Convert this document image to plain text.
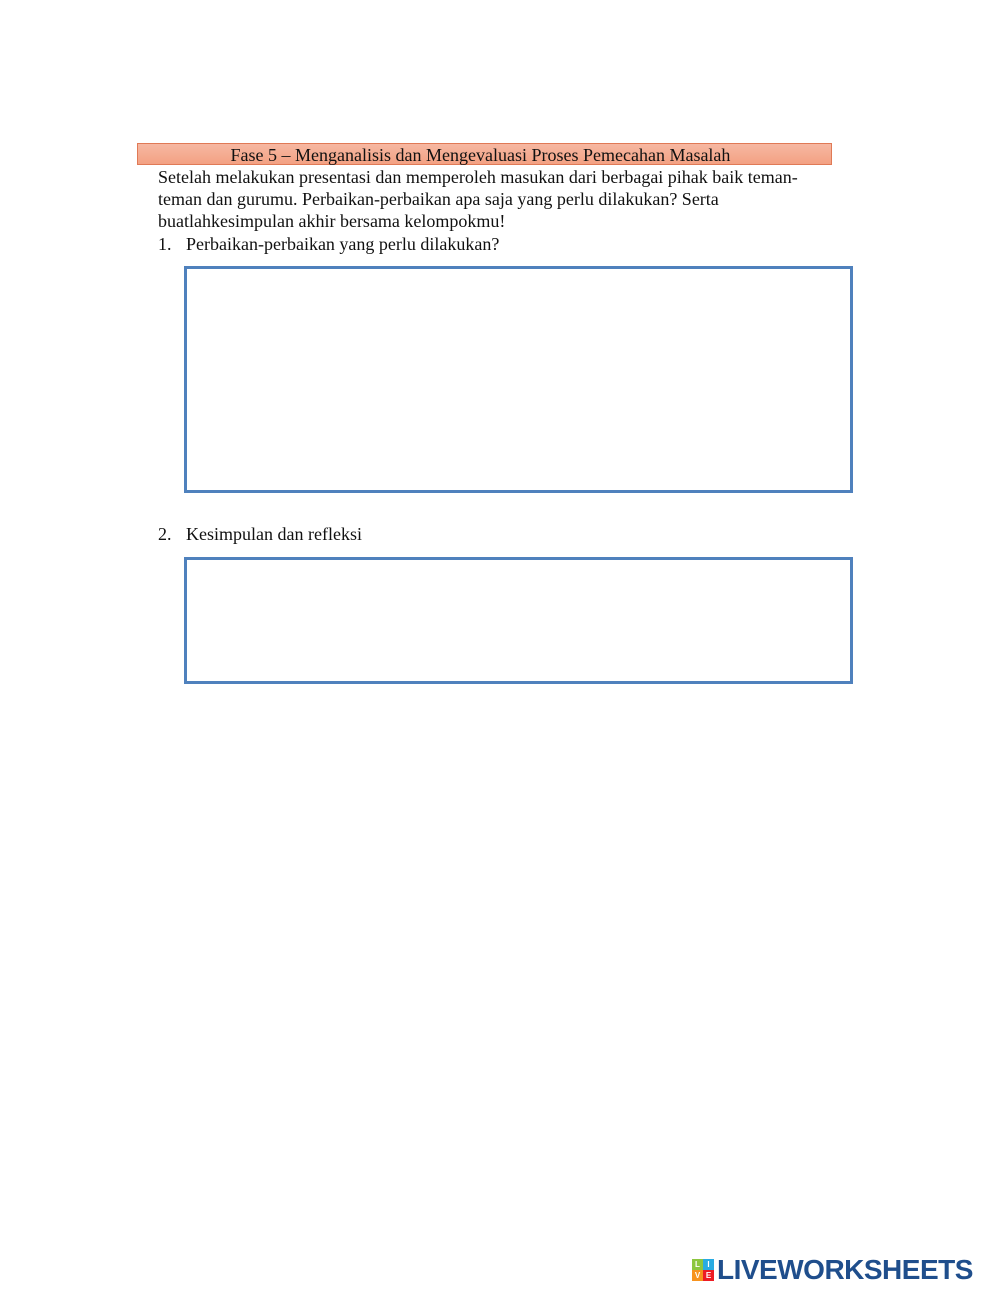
Fase 5 – Menganalisis dan Mengevaluasi Proses Pemecahan Masalah

Setelah melakukan presentasi dan memperoleh masukan dari berbagai pihak baik teman-
teman dan gurumu. Perbaikan-perbaikan apa saja yang perlu dilakukan? Serta
buatlahkesimpulan akhir bersama kelompokmu!

1. Perbaikan-perbaikan yang perlu dilakukan?

2. Kesimpulan dan refleksi

L I
V E LIVEWORKSHEETS
